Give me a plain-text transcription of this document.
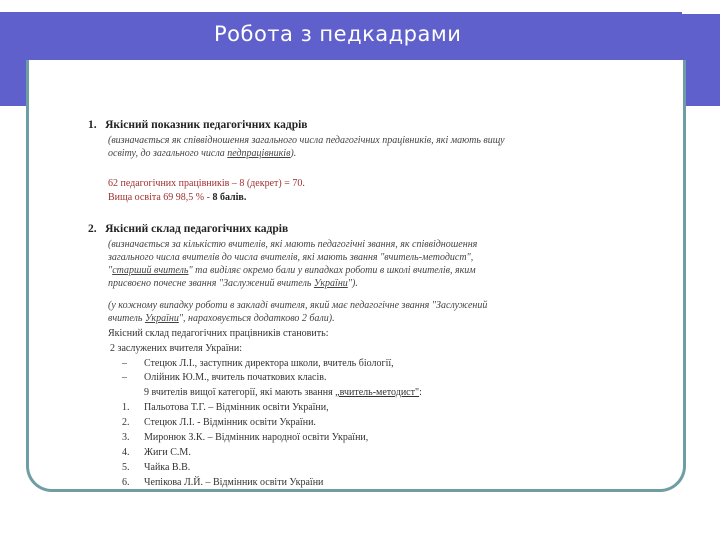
Робота з педкадрами
1. Якісний показник педагогічних кадрів
(визначається як співвідношення загального числа педагогічних працівників, які мають вищу
освіту, до загального числа педпрацівників).
62 педагогічних працівників – 8 (декрет) = 70.
Вища освіта 69 98,5 % - 8 балів.
2. Якісний склад педагогічних кадрів
(визначається за кількістю вчителів, які мають педагогічні звання, як співвідношення
загального числа вчителів до числа вчителів, які мають звання "вчитель-методист",
"старший вчитель" та виділяє окремо бали у випадках роботи в школі вчителів, яким
присвоєно почесне звання "Заслужений вчитель України").
(у кожному випадку роботи в закладі вчителя, який має педагогічне звання "Заслужений
вчитель України", нараховується додатково 2 бали).
Якісний склад педагогічних працівників становить:
2 заслужених вчителя України:
– Стецюк Л.І., заступник директора школи, вчитель біології,
– Олійник Ю.М., вчитель початкових класів.
9 вчителів вищої категорії, які мають звання „вчитель-методист":
1. Пальотова Т.Г. – Відмінник освіти України,
2. Стецюк Л.І. - Відмінник освіти України.
3. Миронюк З.К. – Відмінник народної освіти України,
4. Жиги С.М.
5. Чайка В.В.
6. Чепікова Л.Й. – Відмінник освіти України
